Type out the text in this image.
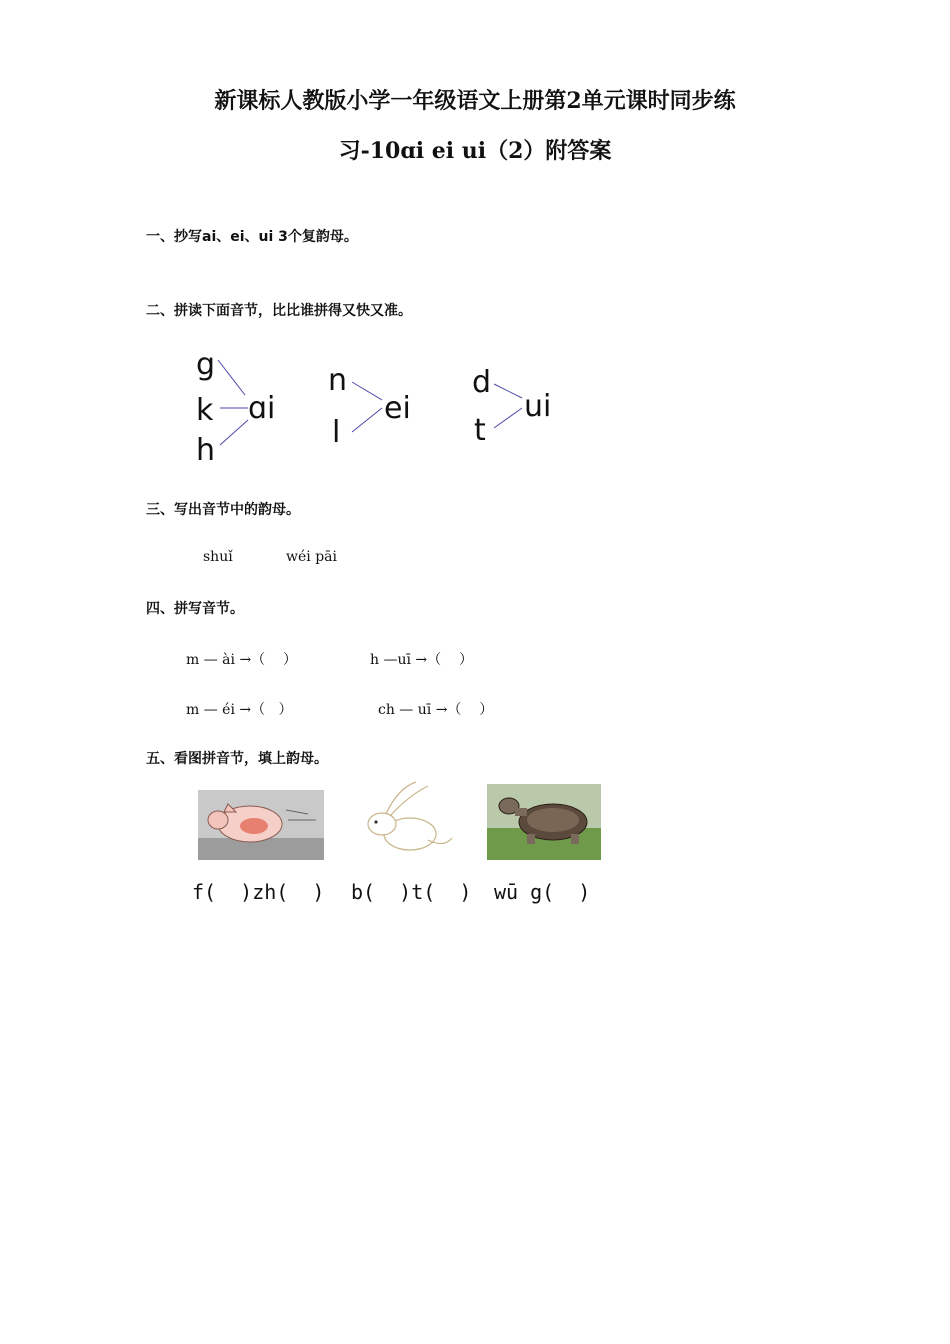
新课标人教版小学一年级语文上册第2单元课时同步练
习-10ɑi ei ui（2）附答案
一、抄写ai、ei、ui 3个复韵母。
二、拼读下面音节，比比谁拼得又快又准。
g
k
h
ɑi
n
l
ei
d
t
ui
三、写出音节中的韵母。
shuǐ	wéi pāi
四、拼写音节。
m — ài →（    ）	h —uī →（    ）
m — éi →（   ）	ch — uī →（    ）
五、看图拼音节，填上韵母。
f(  )zh(  ) b(  )t(  ) wū g(  )
